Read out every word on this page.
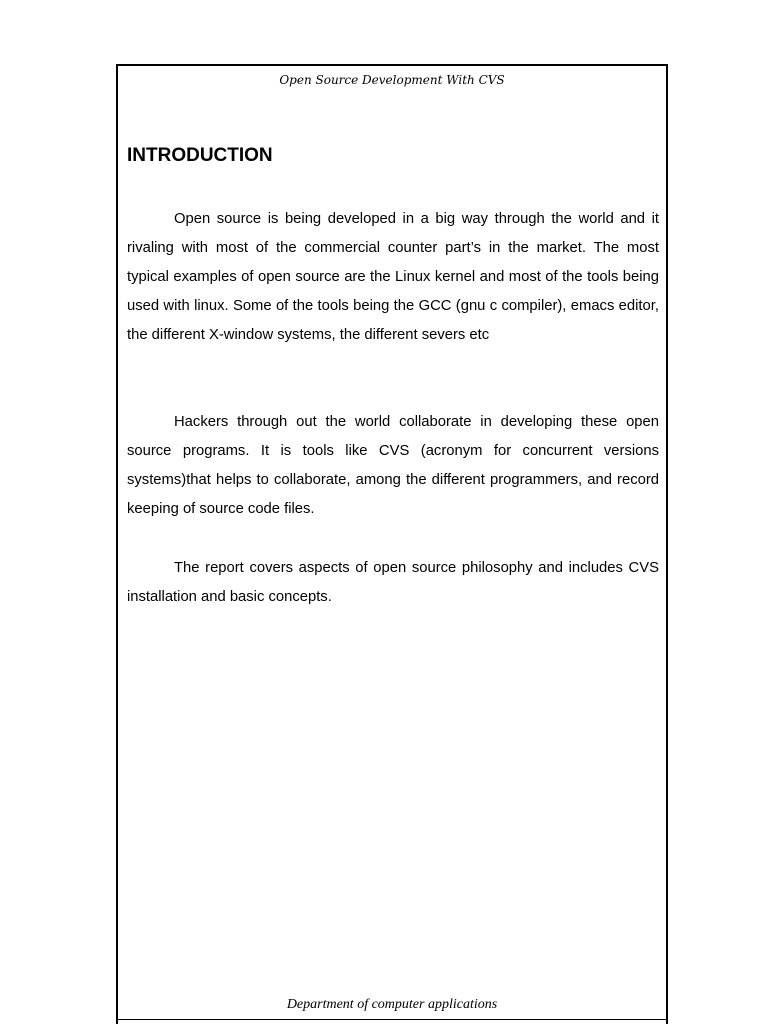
Open Source Development With CVS
INTRODUCTION

Open source is being developed in a big way through the world and it rivaling with most of the commercial counter part’s in the market. The most typical examples of open source are the Linux kernel and most of the tools being used with linux. Some of the tools being the GCC (gnu c compiler), emacs editor, the different X-window systems, the different severs etc

Hackers through out the world collaborate in developing these open source programs. It is tools like CVS (acronym for concurrent versions systems)that helps to collaborate, among the different programmers, and record keeping of source code files.

The report covers aspects of open source philosophy and includes CVS installation and basic concepts.

Department of computer applications
